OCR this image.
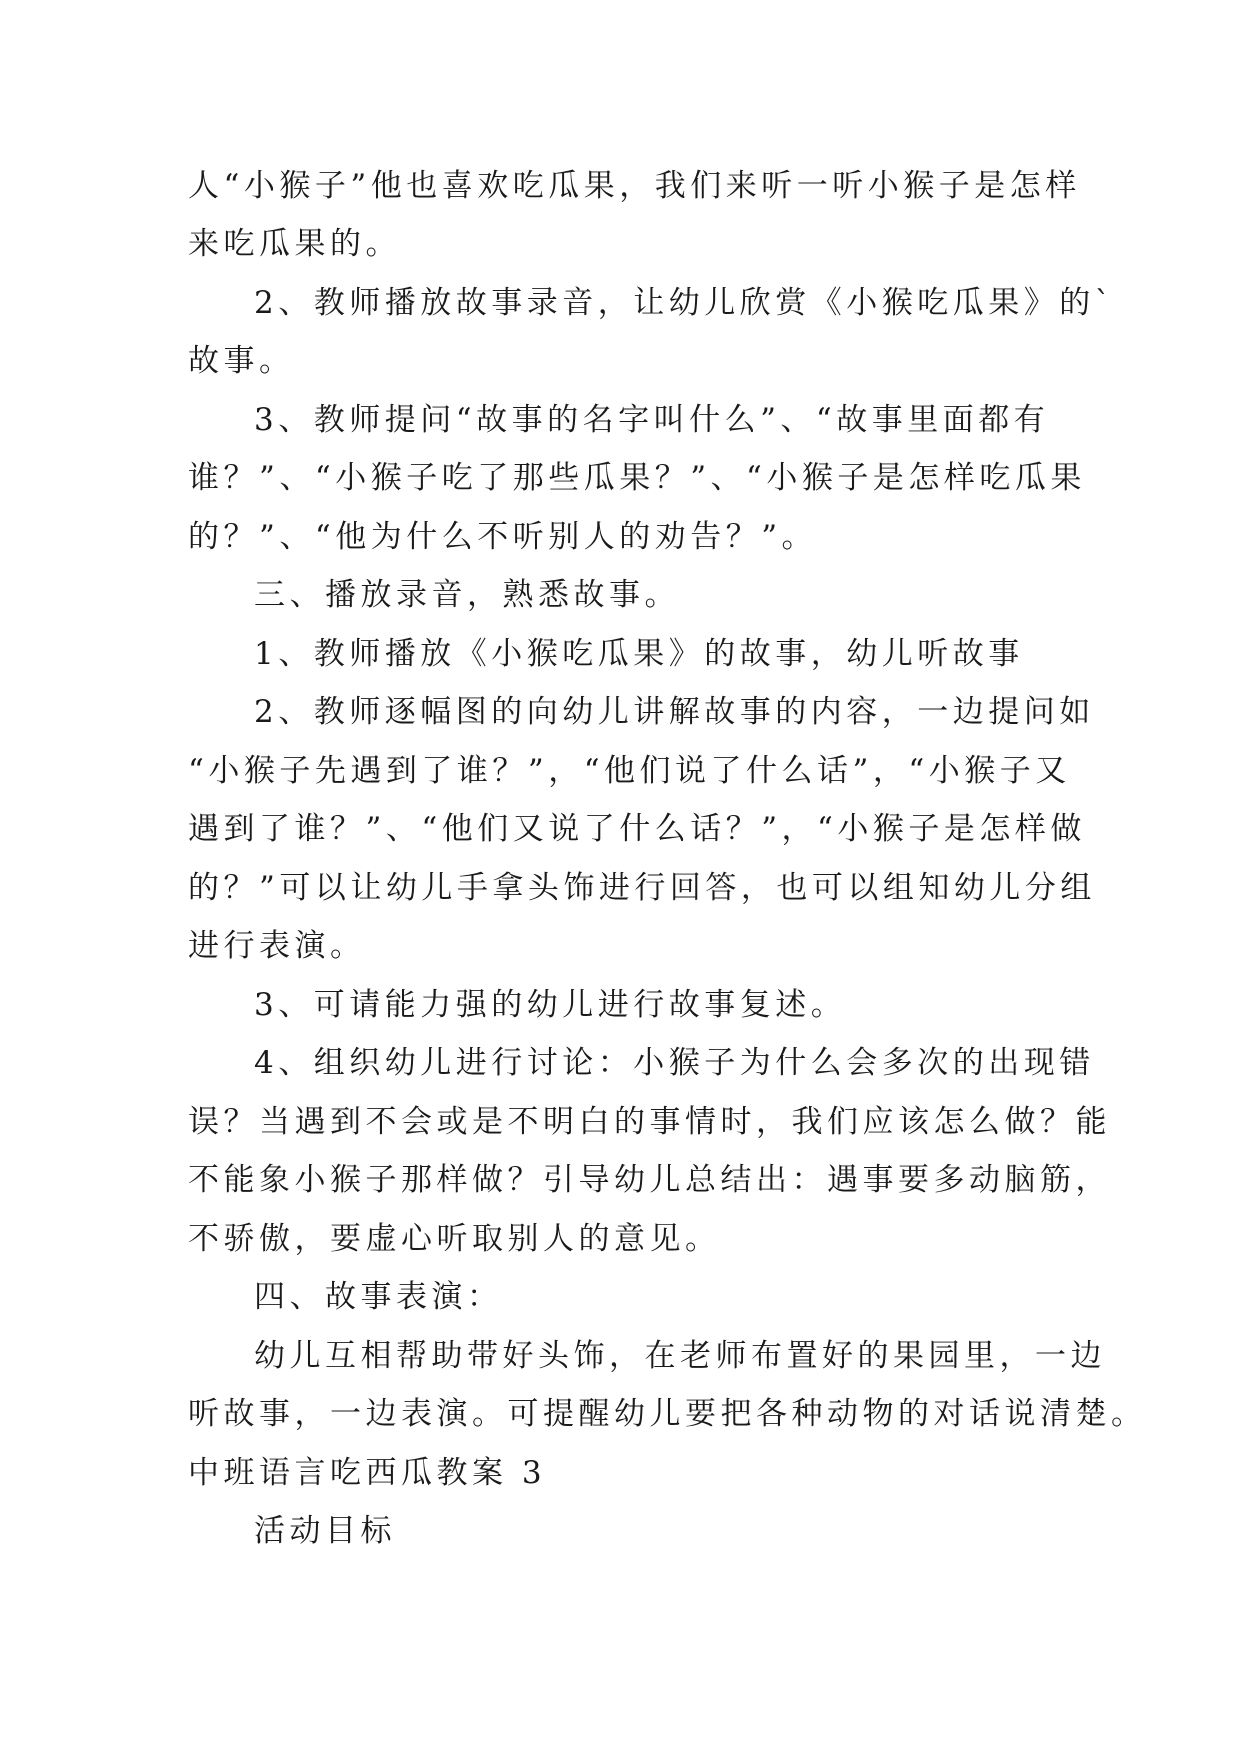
人“小猴子”他也喜欢吃瓜果，我们来听一听小猴子是怎样
来吃瓜果的。
2、教师播放故事录音，让幼儿欣赏《小猴吃瓜果》的`
故事。
3、教师提问“故事的名字叫什么”、“故事里面都有
谁？”、“小猴子吃了那些瓜果？”、“小猴子是怎样吃瓜果
的？”、“他为什么不听别人的劝告？”。
三、播放录音，熟悉故事。
1、教师播放《小猴吃瓜果》的故事，幼儿听故事
2、教师逐幅图的向幼儿讲解故事的内容，一边提问如
“小猴子先遇到了谁？”，“他们说了什么话”，“小猴子又
遇到了谁？”、“他们又说了什么话？”，“小猴子是怎样做
的？”可以让幼儿手拿头饰进行回答，也可以组知幼儿分组
进行表演。
3、可请能力强的幼儿进行故事复述。
4、组织幼儿进行讨论：小猴子为什么会多次的出现错
误？当遇到不会或是不明白的事情时，我们应该怎么做？能
不能象小猴子那样做？引导幼儿总结出：遇事要多动脑筋，
不骄傲，要虚心听取别人的意见。
四、故事表演：
幼儿互相帮助带好头饰，在老师布置好的果园里，一边
听故事，一边表演。可提醒幼儿要把各种动物的对话说清楚。
中班语言吃西瓜教案 3
活动目标
